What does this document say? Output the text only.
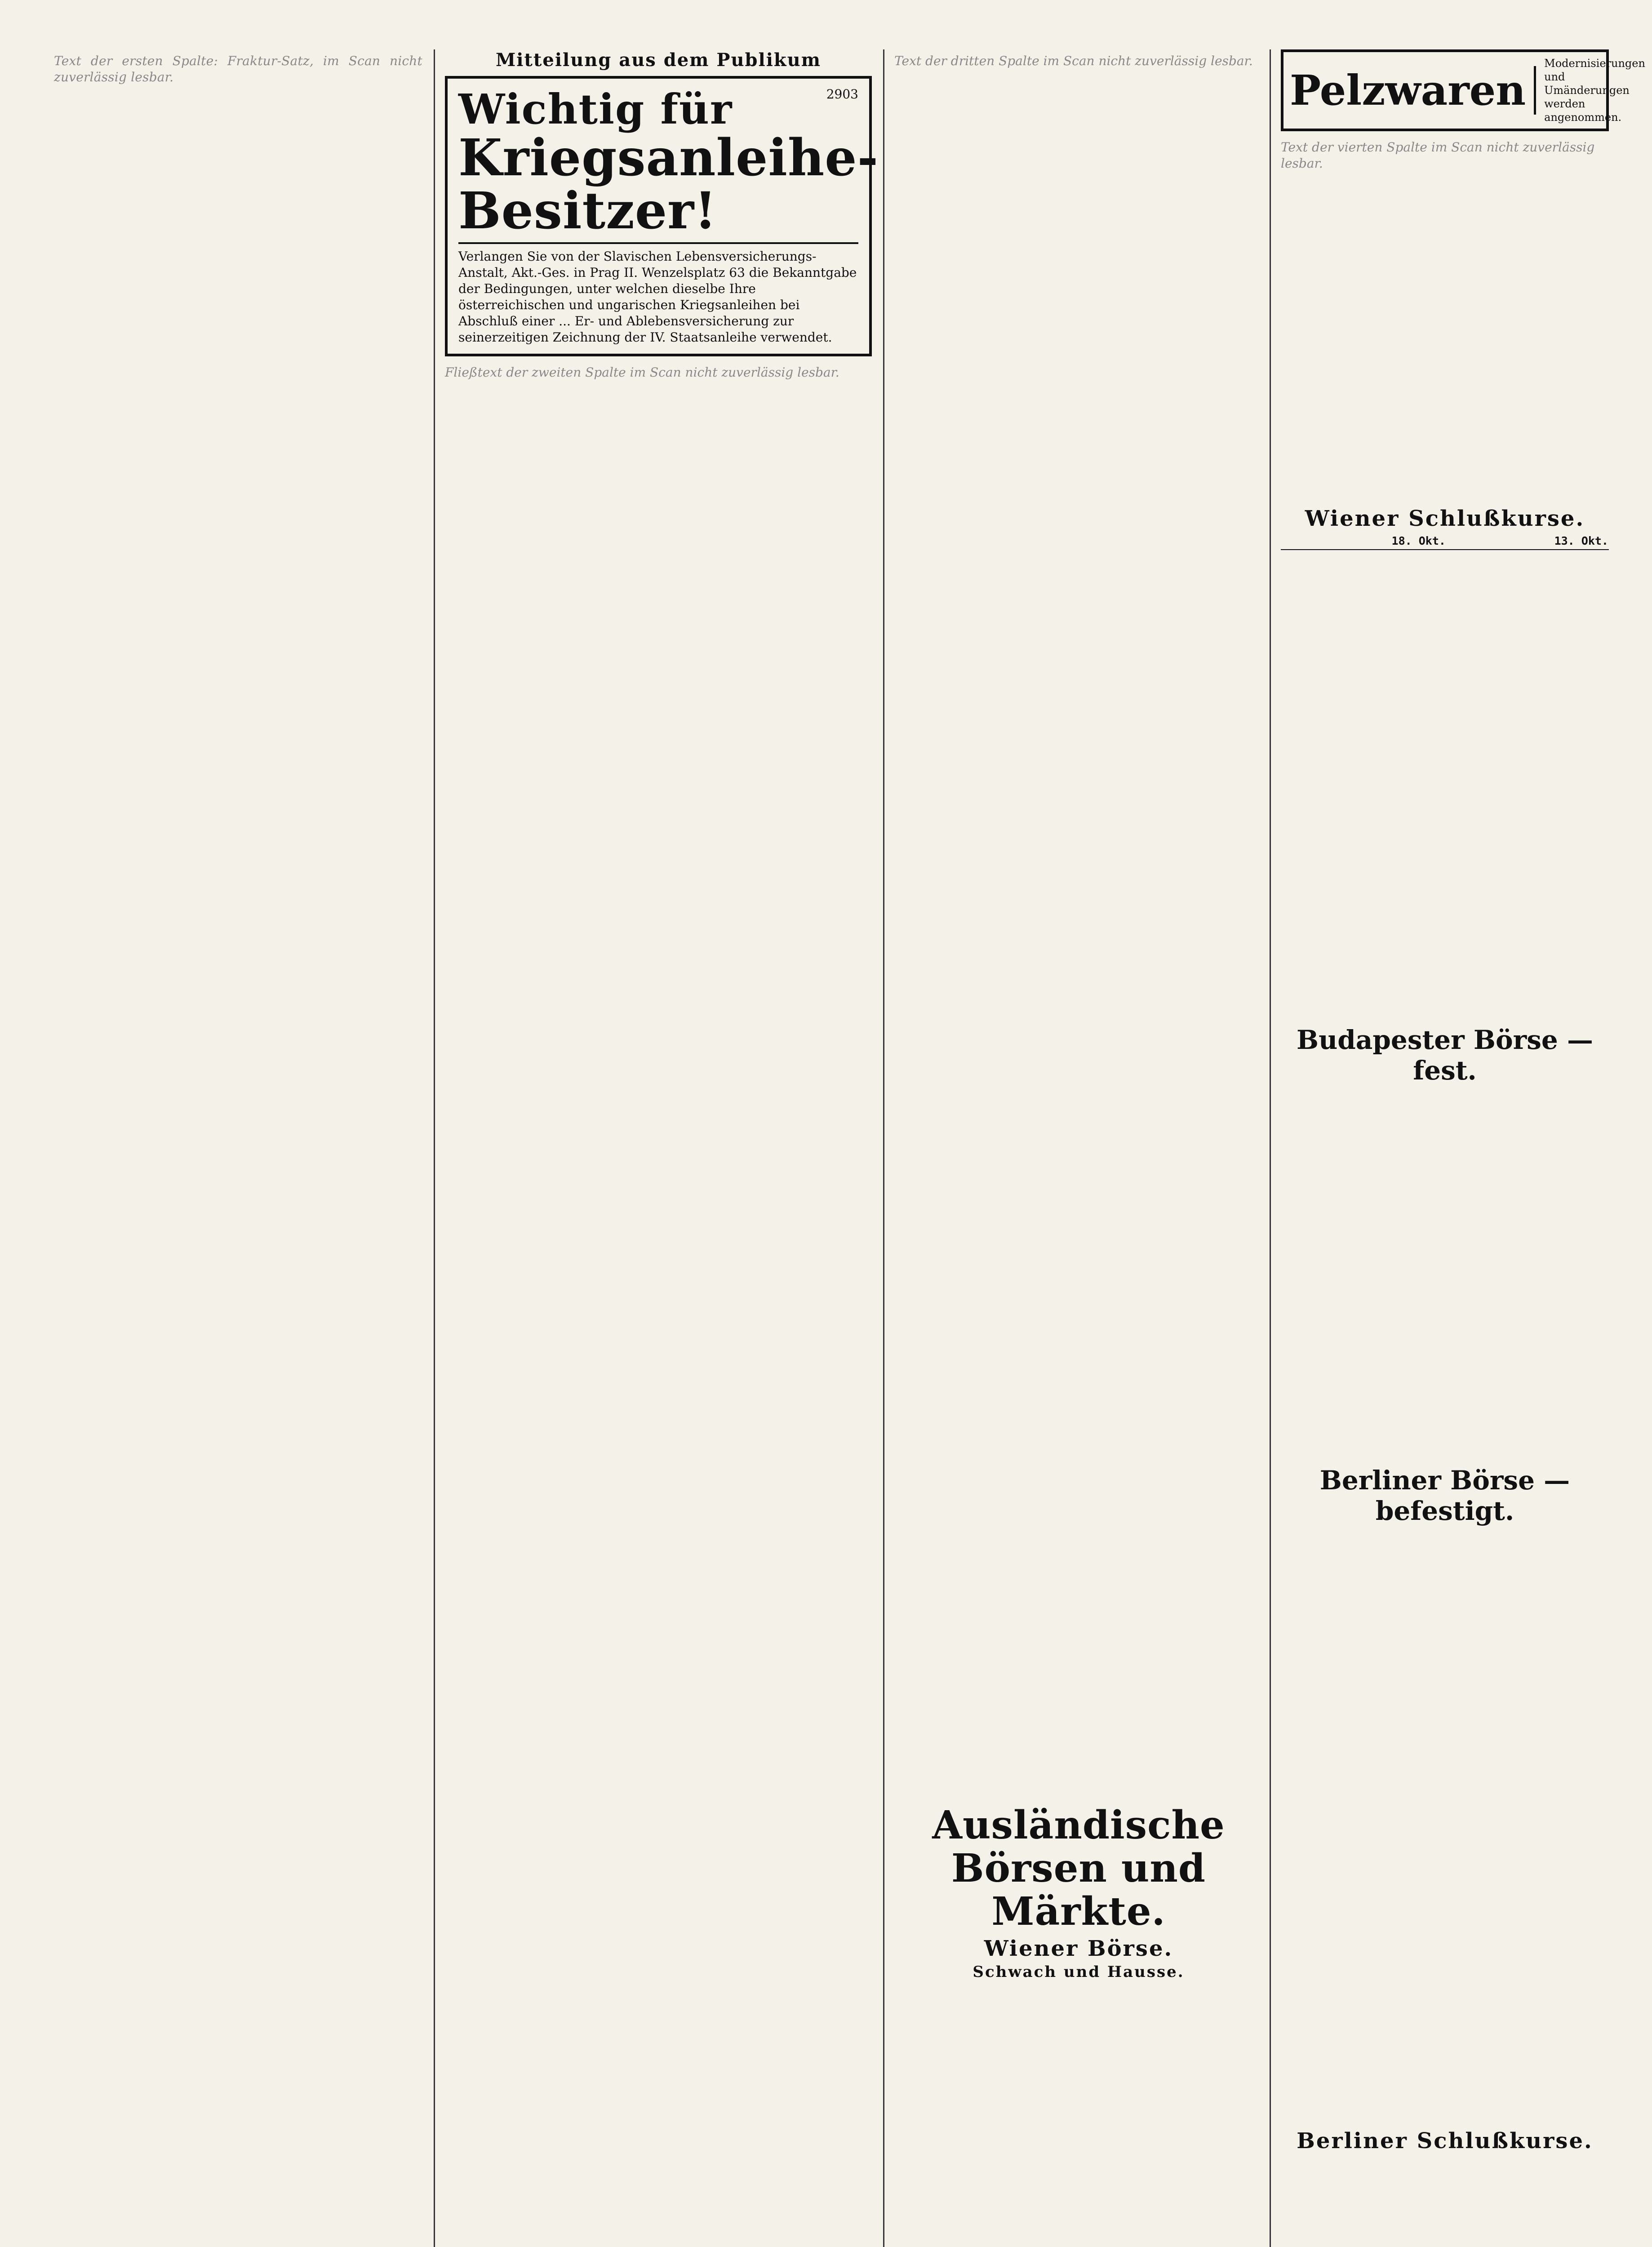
Text der ersten Spalte: Fraktur-Satz, im Scan nicht zuverlässig lesbar.
Mitteilung aus dem Publikum
Wichtig für	2903
Kriegsanleihe-Besitzer!
Verlangen Sie von der Slavischen Lebensversicherungs-Anstalt, Akt.-Ges. in Prag II. Wenzelsplatz 63 die Bekanntgabe der Bedingungen, unter welchen dieselbe Ihre österreichischen und ungarischen Kriegsanleihen bei Abschluß einer ... Er- und Ablebensversicherung zur seinerzeitigen Zeichnung der IV. Staatsanleihe verwendet.
Fließtext der zweiten Spalte im Scan nicht zuverlässig lesbar.
Text der dritten Spalte im Scan nicht zuverlässig lesbar.
Ausländische Börsen und Märkte.
Wiener Börse.
Schwach und Hausse.
Pelzwaren
Modernisierungen und Umänderungen werden angenommen.
Text der vierten Spalte im Scan nicht zuverlässig lesbar.
Wiener Schlußkurse.
	18. Okt.	13. Okt.
Budapester Börse — fest.
Berliner Börse — befestigt.
Berliner Schlußkurse.
